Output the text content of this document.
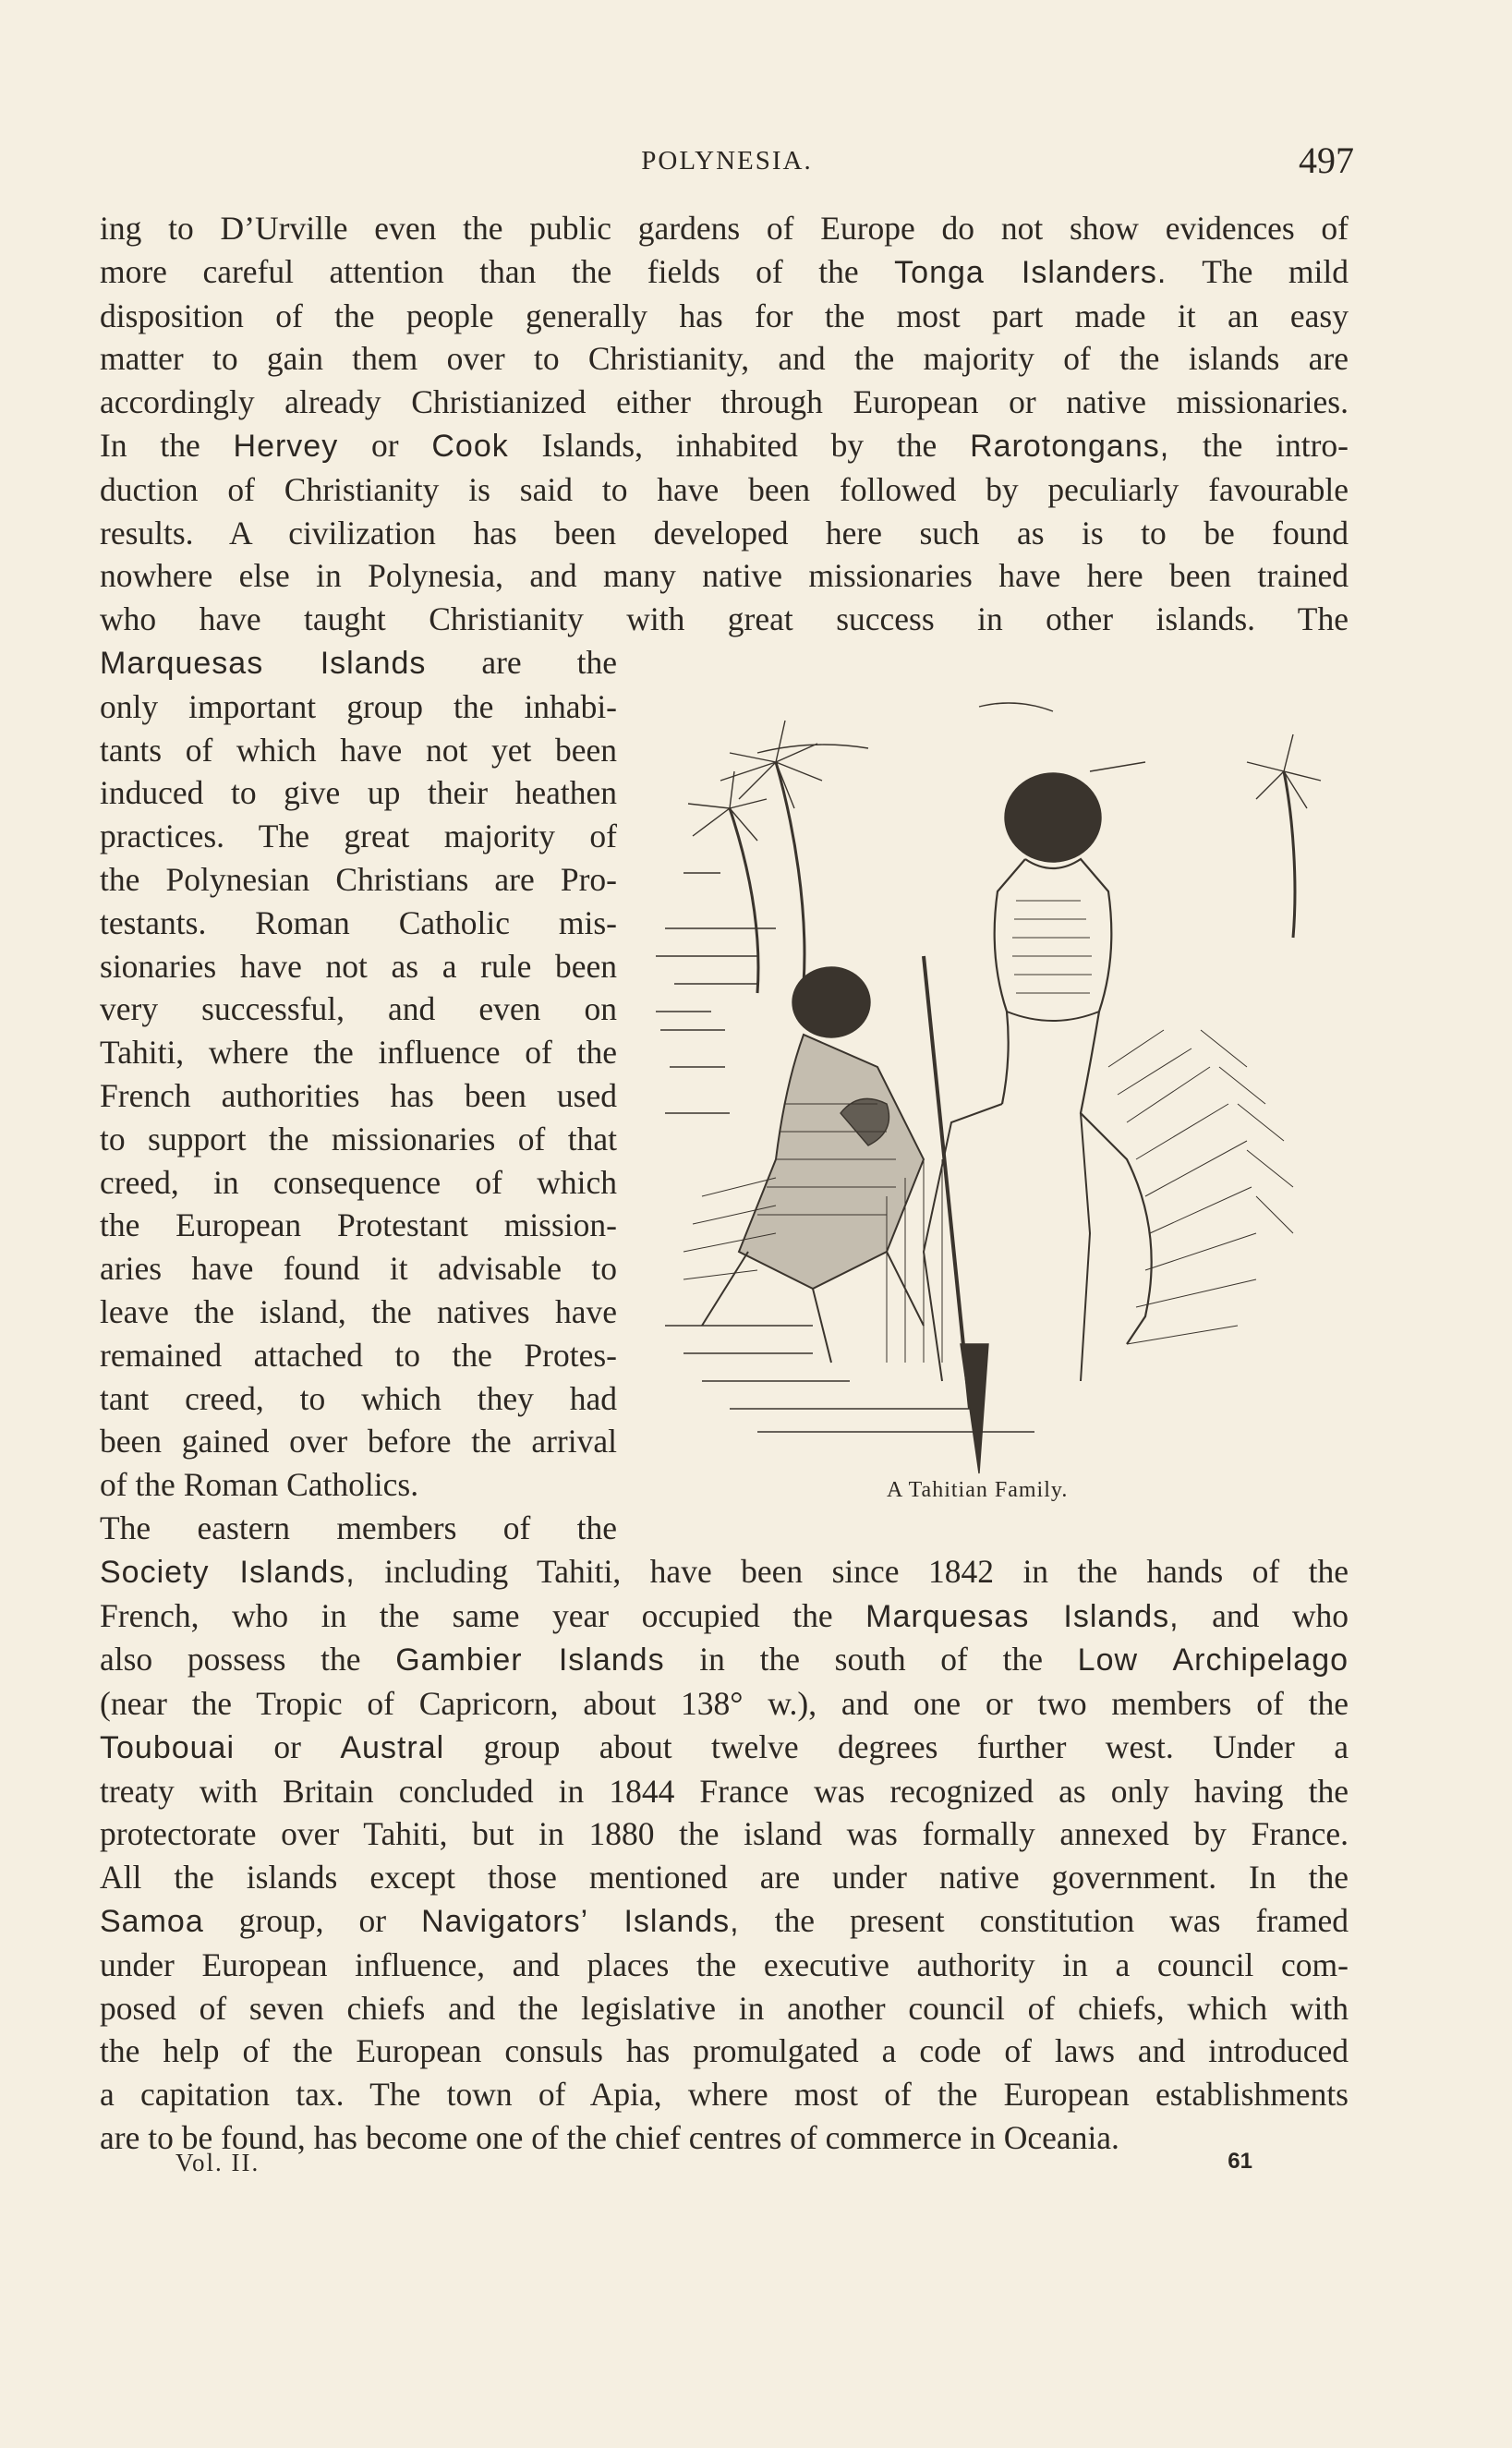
POLYNESIA.	497
ing to D’Urville even the public gardens of Europe do not show evidences of
more careful attention than the fields of the Tonga Islanders. The mild
disposition of the people generally has for the most part made it an easy
matter to gain them over to Christianity, and the majority of the islands are
accordingly already Christianized either through European or native missionaries.
In the Hervey or Cook Islands, inhabited by the Rarotongans, the intro-
duction of Christianity is said to have been followed by peculiarly favourable
results. A civilization has been developed here such as is to be found
nowhere else in Polynesia, and many native missionaries have here been trained
who have taught Christianity with great success in other islands. The
Marquesas Islands are the
only important group the inhabi-
tants of which have not yet been
induced to give up their heathen
practices. The great majority of
the Polynesian Christians are Pro-
testants. Roman Catholic mis-
sionaries have not as a rule been
very successful, and even on
Tahiti, where the influence of the
French authorities has been used
to support the missionaries of that
creed, in consequence of which
the European Protestant mission-
aries have found it advisable to
leave the island, the natives have
remained attached to the Protes-
tant creed, to which they had
been gained over before the arrival
of the Roman Catholics.
The eastern members of the
Society Islands, including Tahiti, have been since 1842 in the hands of the
French, who in the same year occupied the Marquesas Islands, and who
also possess the Gambier Islands in the south of the Low Archipelago
(near the Tropic of Capricorn, about 138° w.), and one or two members of the
Toubouai or Austral group about twelve degrees further west. Under a
treaty with Britain concluded in 1844 France was recognized as only having the
protectorate over Tahiti, but in 1880 the island was formally annexed by France.
All the islands except those mentioned are under native government. In the
Samoa group, or Navigators’ Islands, the present constitution was framed
under European influence, and places the executive authority in a council com-
posed of seven chiefs and the legislative in another council of chiefs, which with
the help of the European consuls has promulgated a code of laws and introduced
a capitation tax. The town of Apia, where most of the European establishments
are to be found, has become one of the chief centres of commerce in Oceania.
A Tahitian Family.
Vol. II.	61
